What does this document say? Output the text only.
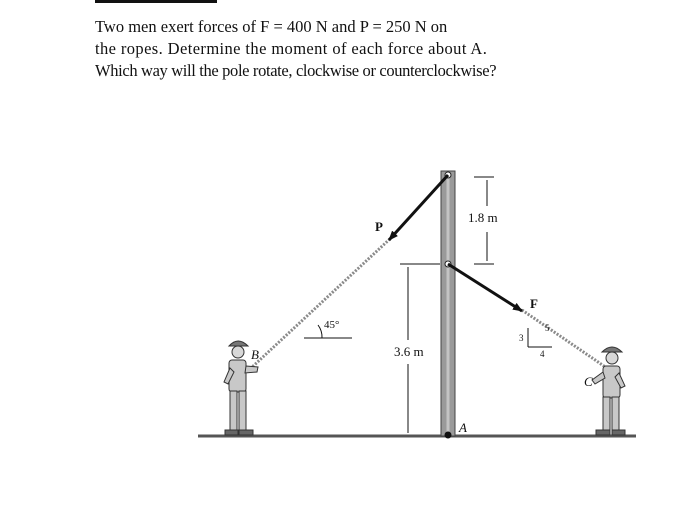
Two men exert forces of F = 400 N and P = 250 N on
the ropes. Determine the moment of each force about A.
Which way will the pole rotate, clockwise or counterclockwise?
1.8 m
3.6 m
45°
3
4
5
P
F
A
B
C
